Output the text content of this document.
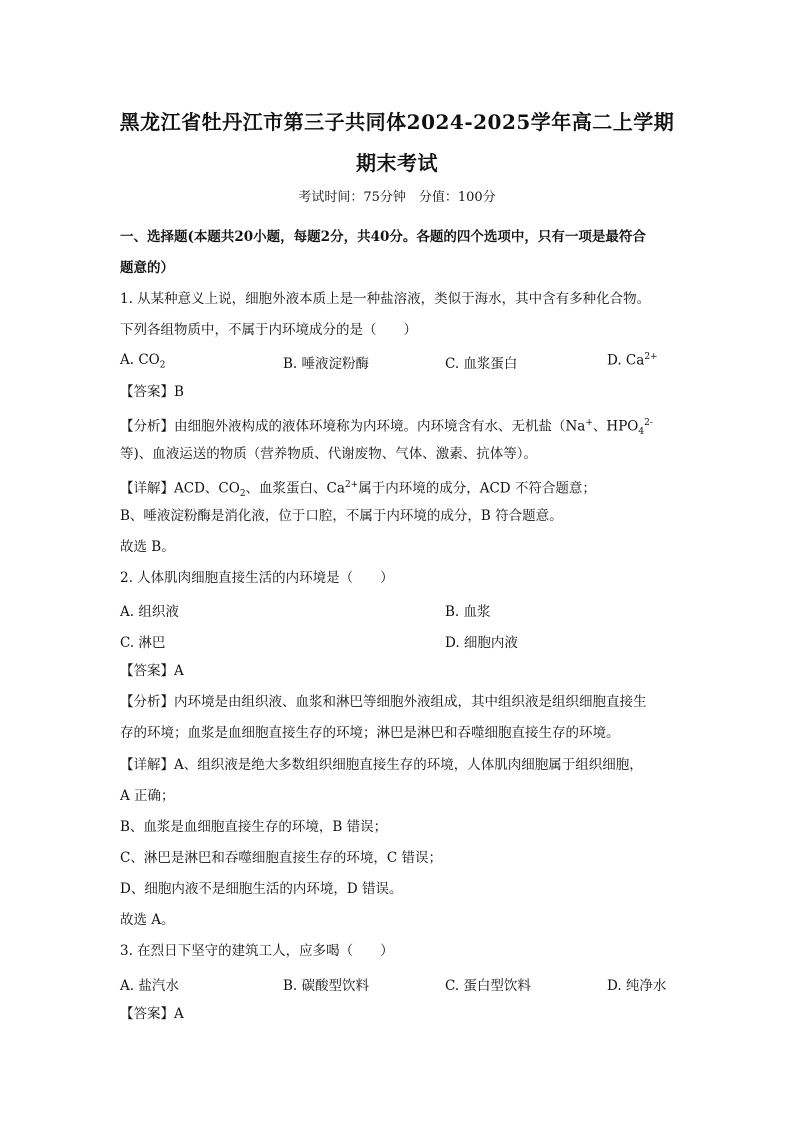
黑龙江省牡丹江市第三子共同体2024-2025学年高二上学期
期末考试
考试时间：75分钟　分值：100分
一、选择题(本题共20小题，每题2分，共40分。各题的四个选项中，只有一项是最符合
题意的）
1. 从某种意义上说，细胞外液本质上是一种盐溶液，类似于海水，其中含有多种化合物。
下列各组物质中，不属于内环境成分的是（　　）
A. $CO_2$	B. 唾液淀粉酶	C. 血浆蛋白	D. $Ca^{2+}$
【答案】B
【分析】由细胞外液构成的液体环境称为内环境。内环境含有水、无机盐（Na+、$HPO_4^{2-}$
等)、血液运送的物质（营养物质、代谢废物、气体、激素、抗体等）。
【详解】ACD、$CO_2$、血浆蛋白、$Ca^{2+}$属于内环境的成分，ACD 不符合题意；
B、唾液淀粉酶是消化液，位于口腔，不属于内环境的成分，B 符合题意。
故选 B。
2. 人体肌肉细胞直接生活的内环境是（　　）
A. 组织液	B. 血浆
C. 淋巴	D. 细胞内液
【答案】A
【分析】内环境是由组织液、血浆和淋巴等细胞外液组成，其中组织液是组织细胞直接生
存的环境；血浆是血细胞直接生存的环境；淋巴是淋巴和吞噬细胞直接生存的环境。
【详解】A、组织液是绝大多数组织细胞直接生存的环境，人体肌肉细胞属于组织细胞，
A 正确；
B、血浆是血细胞直接生存的环境，B 错误；
C、淋巴是淋巴和吞噬细胞直接生存的环境，C 错误；
D、细胞内液不是细胞生活的内环境，D 错误。
故选 A。
3. 在烈日下坚守的建筑工人，应多喝（　　）
A. 盐汽水	B. 碳酸型饮料	C. 蛋白型饮料	D. 纯净水
【答案】A
